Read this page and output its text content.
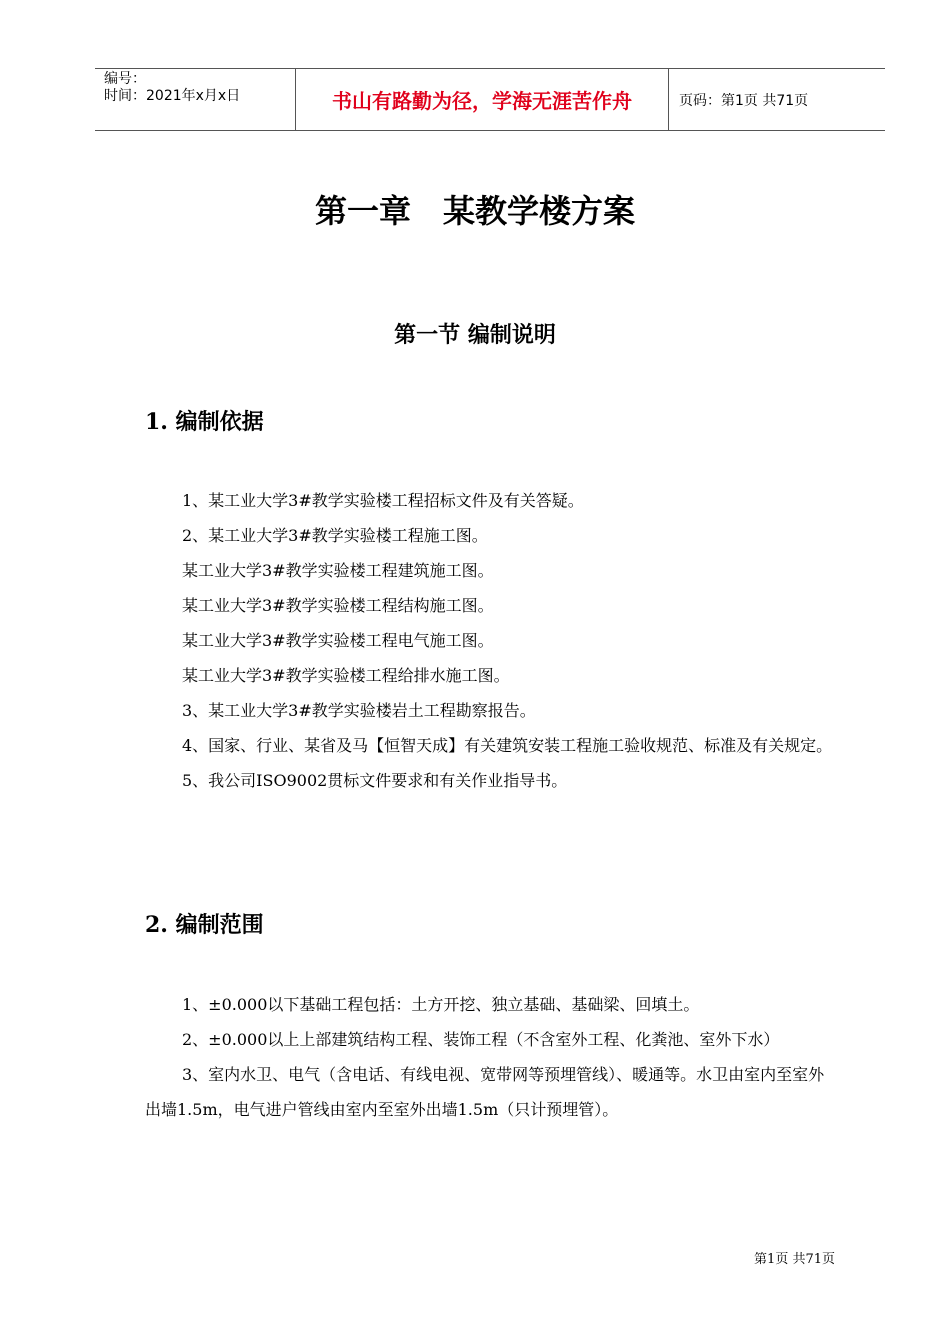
编号：
时间：2021年x月x日	书山有路勤为径，学海无涯苦作舟	页码：第1页 共71页
第一章　某教学楼方案
第一节 编制说明
1. 编制依据

1、某工业大学3#教学实验楼工程招标文件及有关答疑。

2、某工业大学3#教学实验楼工程施工图。

某工业大学3#教学实验楼工程建筑施工图。

某工业大学3#教学实验楼工程结构施工图。

某工业大学3#教学实验楼工程电气施工图。

某工业大学3#教学实验楼工程给排水施工图。

3、某工业大学3#教学实验楼岩土工程勘察报告。

4、国家、行业、某省及马【恒智天成】有关建筑安装工程施工验收规范、标准及有关规定。

5、我公司ISO9002贯标文件要求和有关作业指导书。

2. 编制范围

1、±0.000以下基础工程包括：土方开挖、独立基础、基础梁、回填土。

2、±0.000以上上部建筑结构工程、装饰工程（不含室外工程、化粪池、室外下水）

3、室内水卫、电气（含电话、有线电视、宽带网等预埋管线）、暖通等。水卫由室内至室外出墙1.5m，电气进户管线由室内至室外出墙1.5m（只计预埋管）。

第1页 共71页
